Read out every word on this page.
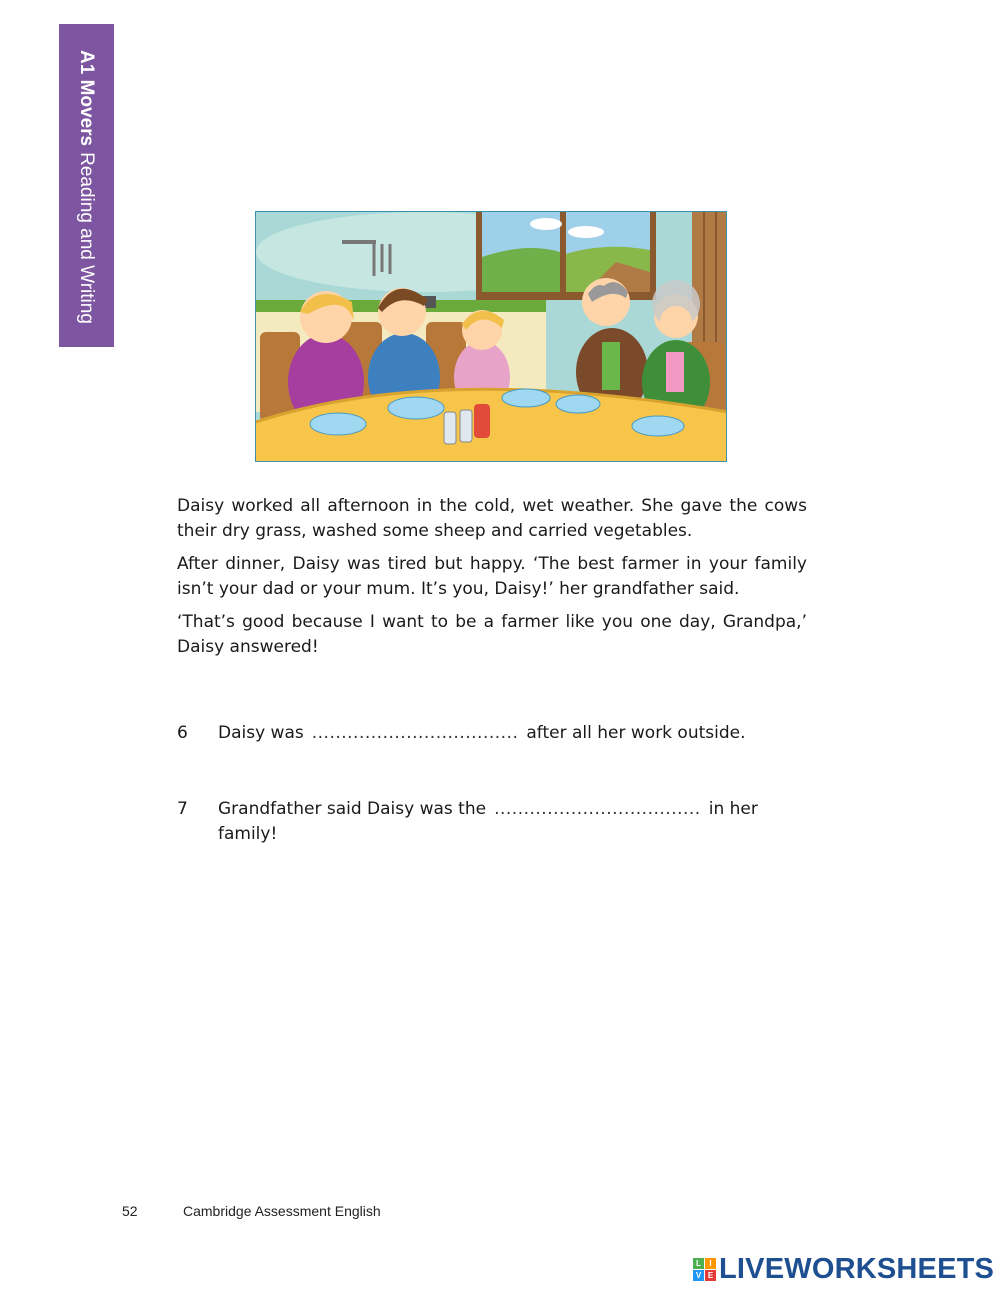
A1 MoversReading and Writing

Daisy worked all afternoon in the cold, wet weather. She gave the cows their dry grass, washed some sheep and carried vegetables.

After dinner, Daisy was tired but happy. ‘The best farmer in your family isn’t your dad or your mum. It’s you, Daisy!’ her grandfather said.

‘That’s good because I want to be a farmer like you one day, Grandpa,’ Daisy answered!

6 Daisy was ................................... after all her work outside.
7 Grandfather said Daisy was the ................................... in her family!
52	Cambridge Assessment English
L	I
V E LIVEWORKSHEETS
